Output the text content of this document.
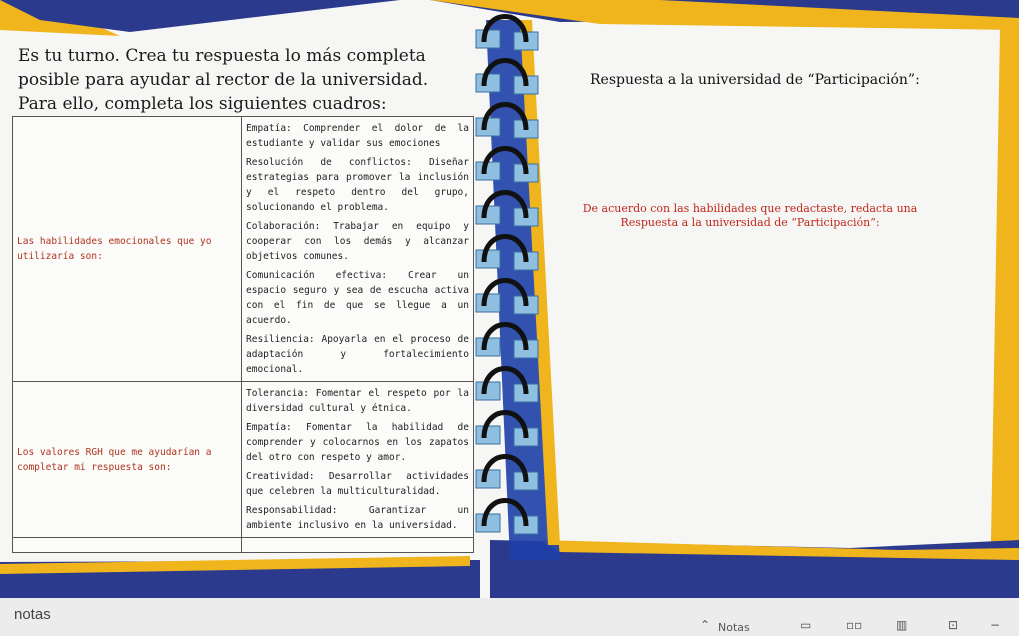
Es tu turno. Crea tu respuesta lo más completa posible para ayudar al rector de la universidad. Para ello, completa los siguientes cuadros:

Las habilidades emocionales que yo utilizaría son:	Empatía: Comprender el dolor de la estudiante y validar sus emociones
Resolución de conflictos: Diseñar estrategias para promover la inclusión y el respeto dentro del grupo, solucionando el problema.
Colaboración: Trabajar en equipo y cooperar con los demás y alcanzar objetivos comunes.
Comunicación efectiva: Crear un espacio seguro y sea de escucha activa con el fin de que se llegue a un acuerdo.
Resiliencia: Apoyarla en el proceso de adaptación y fortalecimiento emocional.

Los valores RGH que me ayudarían a completar mi respuesta son:	Tolerancia: Fomentar el respeto por la diversidad cultural y étnica.
Empatía: Fomentar la habilidad de comprender y colocarnos en los zapatos del otro con respeto y amor.
Creatividad: Desarrollar actividades que celebren la multiculturalidad.
Responsabilidad: Garantizar un ambiente inclusivo en la universidad.

Respuesta a la universidad de “Participación”:
De acuerdo con las habilidades que redactaste, redacta una Respuesta a la universidad de “Participación”:
notas
⌃ Notas	▭	▫▫	▥	⊡	−
